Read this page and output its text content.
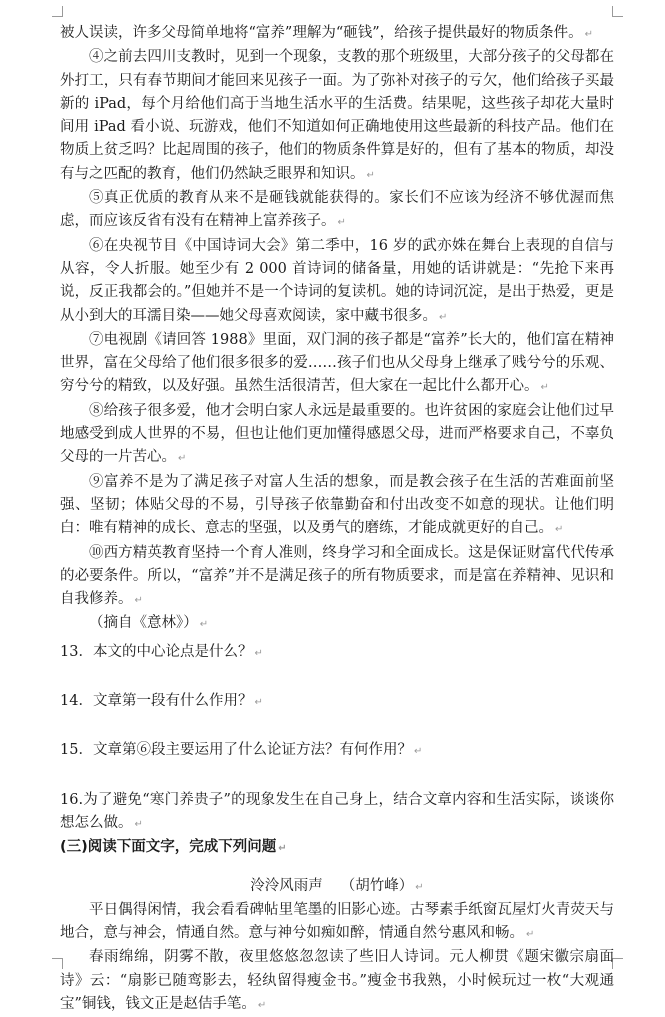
被人误读，许多父母简单地将“富养”理解为“砸钱”，给孩子提供最好的物质条件。 ↵

④之前去四川支教时，见到一个现象，支教的那个班级里，大部分孩子的父母都在外打工，只有春节期间才能回来见孩子一面。为了弥补对孩子的亏欠，他们给孩子买最新的 iPad，每个月给他们高于当地生活水平的生活费。结果呢，这些孩子却花大量时间用 iPad 看小说、玩游戏，他们不知道如何正确地使用这些最新的科技产品。他们在物质上贫乏吗？比起周围的孩子，他们的物质条件算是好的，但有了基本的物质，却没有与之匹配的教育，他们仍然缺乏眼界和知识。 ↵

⑤真正优质的教育从来不是砸钱就能获得的。家长们不应该为经济不够优渥而焦虑，而应该反省有没有在精神上富养孩子。 ↵

⑥在央视节目《中国诗词大会》第二季中，16 岁的武亦姝在舞台上表现的自信与从容，令人折服。她至少有 2 000 首诗词的储备量，用她的话讲就是：“先抢下来再说，反正我都会的。”但她并不是一个诗词的复读机。她的诗词沉淀，是出于热爱，更是从小到大的耳濡目染——她父母喜欢阅读，家中藏书很多。 ↵

⑦电视剧《请回答 1988》里面，双门洞的孩子都是“富养”长大的，他们富在精神世界，富在父母给了他们很多很多的爱……孩子们也从父母身上继承了贱兮兮的乐观、穷兮兮的精致，以及好强。虽然生活很清苦，但大家在一起比什么都开心。 ↵

⑧给孩子很多爱，他才会明白家人永远是最重要的。也许贫困的家庭会让他们过早地感受到成人世界的不易，但也让他们更加懂得感恩父母，进而严格要求自己，不辜负父母的一片苦心。 ↵

⑨富养不是为了满足孩子对富人生活的想象，而是教会孩子在生活的苦难面前坚强、坚韧；体贴父母的不易，引导孩子依靠勤奋和付出改变不如意的现状。让他们明白：唯有精神的成长、意志的坚强，以及勇气的磨练，才能成就更好的自己。 ↵

⑩西方精英教育坚持一个育人准则，终身学习和全面成长。这是保证财富代代传承的必要条件。所以，“富养”并不是满足孩子的所有物质要求，而是富在养精神、见识和自我修养。 ↵

（摘自《意林》） ↵

13．本文的中心论点是什么？ ↵

14．文章第一段有什么作用？ ↵

15．文章第⑥段主要运用了什么论证方法？有何作用？ ↵

16.为了避免“寒门养贵子”的现象发生在自己身上，结合文章内容和生活实际，谈谈你想怎么做。 ↵

(三)阅读下面文字，完成下列问题 ↵

泠泠风雨声 （胡竹峰） ↵

平日偶得闲情，我会看看碑帖里笔墨的旧影心迹。古琴素手纸窗瓦屋灯火青荧天与地合，意与神会，情通自然。意与神兮如痴如醉，情通自然兮惠风和畅。 ↵

春雨绵绵，阴雾不散，夜里悠悠忽忽读了些旧人诗词。元人柳贯《题宋徽宗扇面诗》云：“扇影已随鸾影去，轻纨留得瘦金书。”瘦金书我熟，小时候玩过一枚“大观通宝”铜钱，钱文正是赵佶手笔。 ↵
